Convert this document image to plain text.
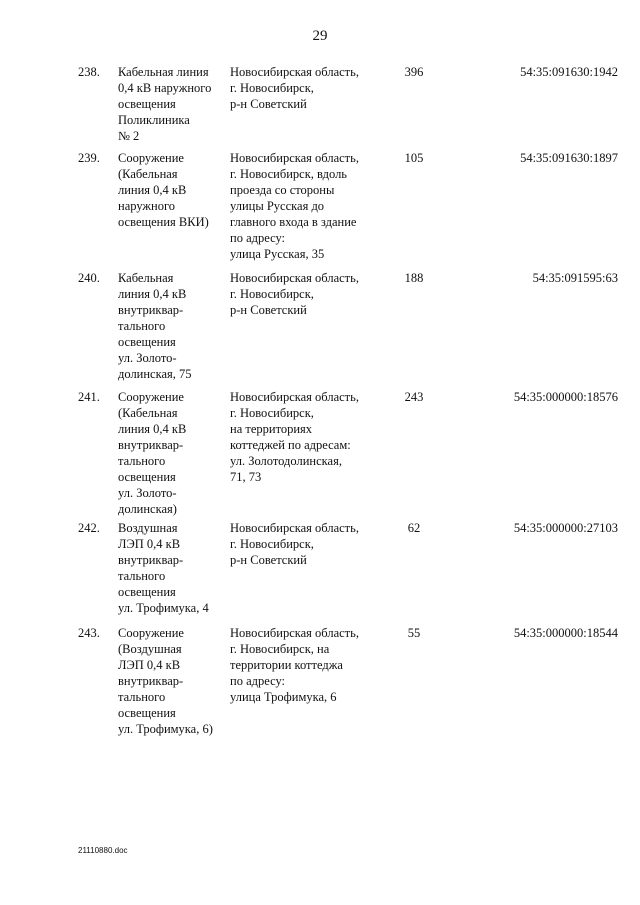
29
238.	Кабельная линия
0,4 кВ наружного
освещения
Поликлиника
№ 2
Новосибирская область,
г. Новосибирск,
р-н Советский
396	54:35:091630:1942
239.	Сооружение
(Кабельная
линия 0,4 кВ
наружного
освещения ВКИ)
Новосибирская область,
г. Новосибирск, вдоль
проезда со стороны
улицы Русская до
главного входа в здание
по адресу:
улица Русская, 35
105	54:35:091630:1897
240.	Кабельная
линия 0,4 кВ
внутриквар-
тального
освещения
ул. Золото-
долинская, 75
Новосибирская область,
г. Новосибирск,
р-н Советский
188	54:35:091595:63
241.	Сооружение
(Кабельная
линия 0,4 кВ
внутриквар-
тального
освещения
ул. Золото-
долинская)
Новосибирская область,
г. Новосибирск,
на территориях
коттеджей по адресам:
ул. Золотодолинская,
71, 73
243	54:35:000000:18576
242.	Воздушная
ЛЭП 0,4 кВ
внутриквар-
тального
освещения
ул. Трофимука, 4
Новосибирская область,
г. Новосибирск,
р-н Советский
62	54:35:000000:27103
243.	Сооружение
(Воздушная
ЛЭП 0,4 кВ
внутриквар-
тального
освещения
ул. Трофимука, 6)
Новосибирская область,
г. Новосибирск, на
территории коттеджа
по адресу:
улица Трофимука, 6
55	54:35:000000:18544
21110880.doc
